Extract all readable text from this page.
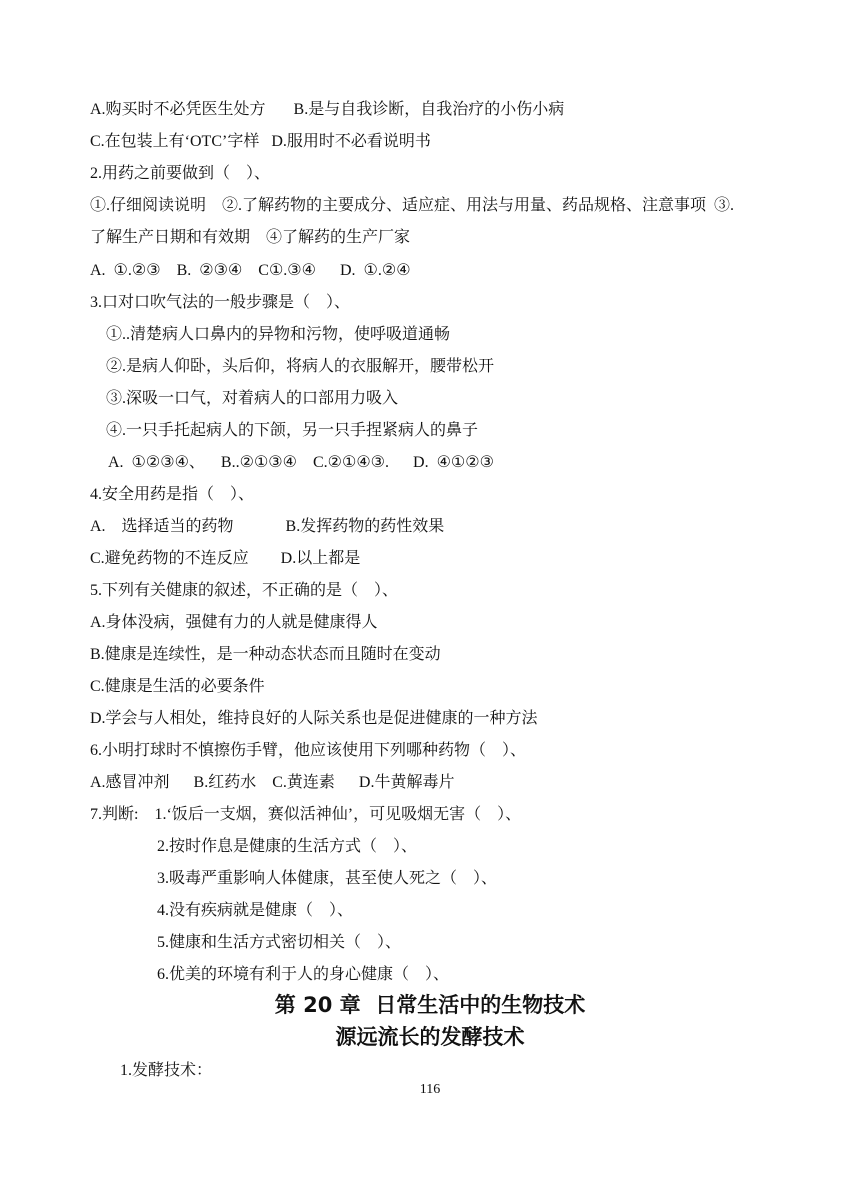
A.购买时不必凭医生处方       B.是与自我诊断，自我治疗的小伤小病
C.在包装上有‘OTC’字样   D.服用时不必看说明书
2.用药之前要做到（    ）、
①.仔细阅读说明    ②.了解药物的主要成分、适应症、用法与用量、药品规格、注意事项  ③.
了解生产日期和有效期    ④了解药的生产厂家
A.  ①.②③    B.  ②③④    C①.③④      D.  ①.②④
3.口对口吹气法的一般步骤是（    ）、
①..清楚病人口鼻内的异物和污物，使呼吸道通畅
②.是病人仰卧，头后仰，将病人的衣服解开，腰带松开
③.深吸一口气，对着病人的口部用力吸入
④.一只手托起病人的下颌，另一只手捏紧病人的鼻子
A.  ①②③④、    B..②①③④    C.②①④③.      D.  ④①②③
4.安全用药是指（    ）、
A.    选择适当的药物             B.发挥药物的药性效果
C.避免药物的不连反应        D.以上都是
5.下列有关健康的叙述，不正确的是（    ）、
A.身体没病，强健有力的人就是健康得人
B.健康是连续性，是一种动态状态而且随时在变动
C.健康是生活的必要条件
D.学会与人相处，维持良好的人际关系也是促进健康的一种方法
6.小明打球时不慎擦伤手臂，他应该使用下列哪种药物（    ）、
A.感冒冲剂      B.红药水    C.黄连素      D.牛黄解毒片
7.判断:    1.‘饭后一支烟，赛似活神仙’，可见吸烟无害（    ）、
2.按时作息是健康的生活方式（    ）、
3.吸毒严重影响人体健康，甚至使人死之（    ）、
4.没有疾病就是健康（    ）、
5.健康和生活方式密切相关（    ）、
6.优美的环境有利于人的身心健康（    ）、
第 20 章  日常生活中的生物技术
源远流长的发酵技术
1.发酵技术：
116
